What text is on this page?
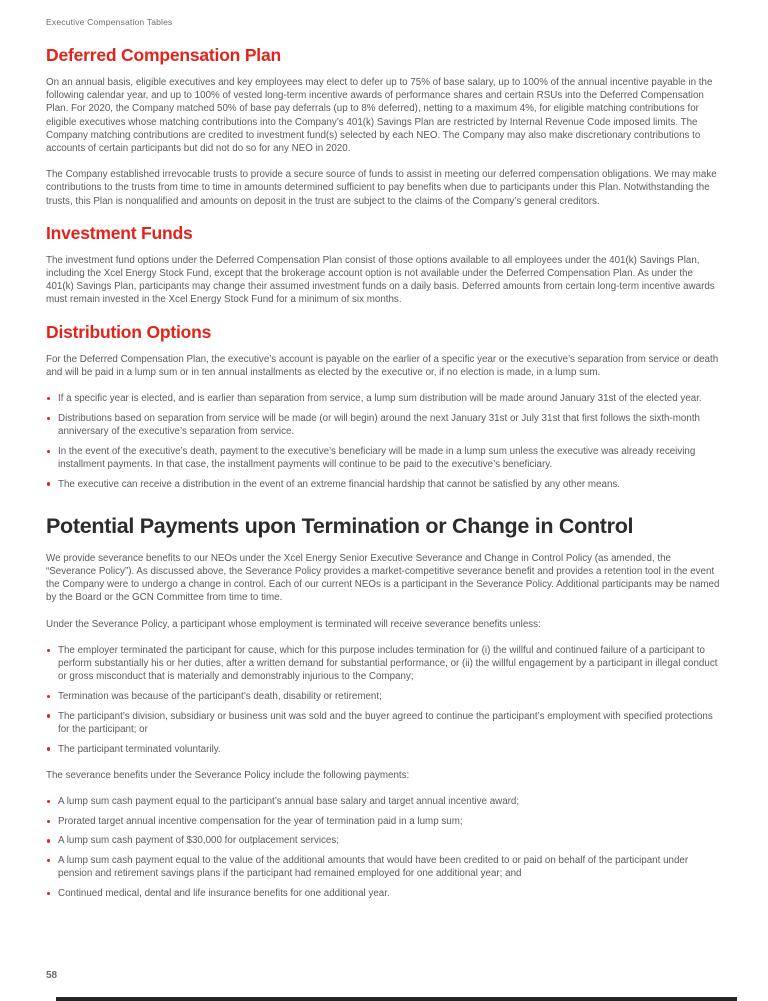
Executive Compensation Tables
Deferred Compensation Plan

On an annual basis, eligible executives and key employees may elect to defer up to 75% of base salary, up to 100% of the annual incentive payable in the following calendar year, and up to 100% of vested long-term incentive awards of performance shares and certain RSUs into the Deferred Compensation Plan. For 2020, the Company matched 50% of base pay deferrals (up to 8% deferred), netting to a maximum 4%, for eligible matching contributions for eligible executives whose matching contributions into the Company’s 401(k) Savings Plan are restricted by Internal Revenue Code imposed limits. The Company matching contributions are credited to investment fund(s) selected by each NEO. The Company may also make discretionary contributions to accounts of certain participants but did not do so for any NEO in 2020.

The Company established irrevocable trusts to provide a secure source of funds to assist in meeting our deferred compensation obligations. We may make contributions to the trusts from time to time in amounts determined sufficient to pay benefits when due to participants under this Plan. Notwithstanding the trusts, this Plan is nonqualified and amounts on deposit in the trust are subject to the claims of the Company’s general creditors.

Investment Funds

The investment fund options under the Deferred Compensation Plan consist of those options available to all employees under the 401(k) Savings Plan, including the Xcel Energy Stock Fund, except that the brokerage account option is not available under the Deferred Compensation Plan. As under the 401(k) Savings Plan, participants may change their assumed investment funds on a daily basis. Deferred amounts from certain long-term incentive awards must remain invested in the Xcel Energy Stock Fund for a minimum of six months.

Distribution Options

For the Deferred Compensation Plan, the executive’s account is payable on the earlier of a specific year or the executive’s separation from service or death and will be paid in a lump sum or in ten annual installments as elected by the executive or, if no election is made, in a lump sum.

If a specific year is elected, and is earlier than separation from service, a lump sum distribution will be made around January 31st of the elected year.
Distributions based on separation from service will be made (or will begin) around the next January 31st or July 31st that first follows the sixth-month anniversary of the executive’s separation from service.
In the event of the executive’s death, payment to the executive’s beneficiary will be made in a lump sum unless the executive was already receiving installment payments. In that case, the installment payments will continue to be paid to the executive’s beneficiary.
The executive can receive a distribution in the event of an extreme financial hardship that cannot be satisfied by any other means.
Potential Payments upon Termination or Change in Control

We provide severance benefits to our NEOs under the Xcel Energy Senior Executive Severance and Change in Control Policy (as amended, the “Severance Policy”). As discussed above, the Severance Policy provides a market-competitive severance benefit and provides a retention tool in the event the Company were to undergo a change in control. Each of our current NEOs is a participant in the Severance Policy. Additional participants may be named by the Board or the GCN Committee from time to time.

Under the Severance Policy, a participant whose employment is terminated will receive severance benefits unless:

The employer terminated the participant for cause, which for this purpose includes termination for (i) the willful and continued failure of a participant to perform substantially his or her duties, after a written demand for substantial performance, or (ii) the willful engagement by a participant in illegal conduct or gross misconduct that is materially and demonstrably injurious to the Company;
Termination was because of the participant’s death, disability or retirement;
The participant’s division, subsidiary or business unit was sold and the buyer agreed to continue the participant’s employment with specified protections for the participant; or
The participant terminated voluntarily.

The severance benefits under the Severance Policy include the following payments:

A lump sum cash payment equal to the participant’s annual base salary and target annual incentive award;
Prorated target annual incentive compensation for the year of termination paid in a lump sum;
A lump sum cash payment of $30,000 for outplacement services;
A lump sum cash payment equal to the value of the additional amounts that would have been credited to or paid on behalf of the participant under pension and retirement savings plans if the participant had remained employed for one additional year; and
Continued medical, dental and life insurance benefits for one additional year.
58
